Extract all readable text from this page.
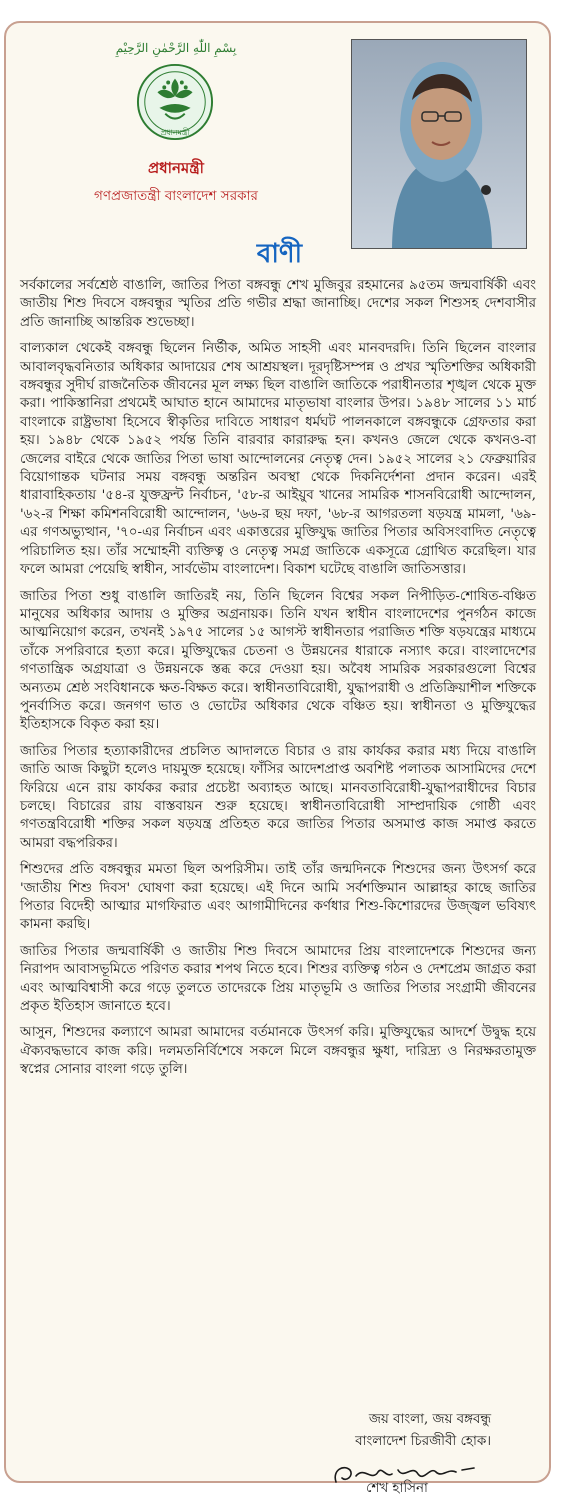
بِسْمِ اللّٰهِ الرَّحْمٰنِ الرَّحِيْمِ
প্রধানমন্ত্রী
প্রধানমন্ত্রী
গণপ্রজাতন্ত্রী বাংলাদেশ সরকার
বাণী

সর্বকালের সর্বশ্রেষ্ঠ বাঙালি, জাতির পিতা বঙ্গবন্ধু শেখ মুজিবুর রহমানের ৯৫তম জন্মবার্ষিকী এবং জাতীয় শিশু দিবসে বঙ্গবন্ধুর স্মৃতির প্রতি গভীর শ্রদ্ধা জানাচ্ছি। দেশের সকল শিশুসহ দেশবাসীর প্রতি জানাচ্ছি আন্তরিক শুভেচ্ছা।

বাল্যকাল থেকেই বঙ্গবন্ধু ছিলেন নির্ভীক, অমিত সাহসী এবং মানবদরদি। তিনি ছিলেন বাংলার আবালবৃদ্ধবনিতার অধিকার আদায়ের শেষ আশ্রয়স্থল। দূরদৃষ্টিসম্পন্ন ও প্রখর স্মৃতিশক্তির অধিকারী বঙ্গবন্ধুর সুদীর্ঘ রাজনৈতিক জীবনের মূল লক্ষ্য ছিল বাঙালি জাতিকে পরাধীনতার শৃঙ্খল থেকে মুক্ত করা। পাকিস্তানিরা প্রথমেই আঘাত হানে আমাদের মাতৃভাষা বাংলার উপর। ১৯৪৮ সালের ১১ মার্চ বাংলাকে রাষ্ট্রভাষা হিসেবে স্বীকৃতির দাবিতে সাধারণ ধর্মঘট পালনকালে বঙ্গবন্ধুকে গ্রেফতার করা হয়। ১৯৪৮ থেকে ১৯৫২ পর্যন্ত তিনি বারবার কারারুদ্ধ হন। কখনও জেলে থেকে কখনও-বা জেলের বাইরে থেকে জাতির পিতা ভাষা আন্দোলনের নেতৃত্ব দেন। ১৯৫২ সালের ২১ ফেব্রুয়ারির বিয়োগান্তক ঘটনার সময় বঙ্গবন্ধু অন্তরিন অবস্থা থেকে দিকনির্দেশনা প্রদান করেন। এরই ধারাবাহিকতায় '৫৪-র যুক্তফ্রন্ট নির্বাচন, '৫৮-র আইয়ুব খানের সামরিক শাসনবিরোধী আন্দোলন, '৬২-র শিক্ষা কমিশনবিরোধী আন্দোলন, '৬৬-র ছয় দফা, '৬৮-র আগরতলা ষড়যন্ত্র মামলা, '৬৯-এর গণঅভ্যুত্থান, '৭০-এর নির্বাচন এবং একাত্তরের মুক্তিযুদ্ধ জাতির পিতার অবিসংবাদিত নেতৃত্বে পরিচালিত হয়। তাঁর সম্মোহনী ব্যক্তিত্ব ও নেতৃত্ব সমগ্র জাতিকে একসূত্রে গ্রোথিত করেছিল। যার ফলে আমরা পেয়েছি স্বাধীন, সার্বভৌম বাংলাদেশ। বিকাশ ঘটেছে বাঙালি জাতিসত্তার।

জাতির পিতা শুধু বাঙালি জাতিরই নয়, তিনি ছিলেন বিশ্বের সকল নিপীড়িত-শোষিত-বঞ্চিত মানুষের অধিকার আদায় ও মুক্তির অগ্রনায়ক। তিনি যখন স্বাধীন বাংলাদেশের পুনর্গঠন কাজে আত্মনিয়োগ করেন, তখনই ১৯৭৫ সালের ১৫ আগস্ট স্বাধীনতার পরাজিত শক্তি ষড়যন্ত্রের মাধ্যমে তাঁকে সপরিবারে হত্যা করে। মুক্তিযুদ্ধের চেতনা ও উন্নয়নের ধারাকে নস্যাৎ করে। বাংলাদেশের গণতান্ত্রিক অগ্রযাত্রা ও উন্নয়নকে স্তব্ধ করে দেওয়া হয়। অবৈধ সামরিক সরকারগুলো বিশ্বের অন্যতম শ্রেষ্ঠ সংবিধানকে ক্ষত-বিক্ষত করে। স্বাধীনতাবিরোধী, যুদ্ধাপরাধী ও প্রতিক্রিয়াশীল শক্তিকে পুনর্বাসিত করে। জনগণ ভাত ও ভোটের অধিকার থেকে বঞ্চিত হয়। স্বাধীনতা ও মুক্তিযুদ্ধের ইতিহাসকে বিকৃত করা হয়।

জাতির পিতার হত্যাকারীদের প্রচলিত আদালতে বিচার ও রায় কার্যকর করার মধ্য দিয়ে বাঙালি জাতি আজ কিছুটা হলেও দায়মুক্ত হয়েছে। ফাঁসির আদেশপ্রাপ্ত অবশিষ্ট পলাতক আসামিদের দেশে ফিরিয়ে এনে রায় কার্যকর করার প্রচেষ্টা অব্যাহত আছে। মানবতাবিরোধী-যুদ্ধাপরাধীদের বিচার চলছে। বিচারের রায় বাস্তবায়ন শুরু হয়েছে। স্বাধীনতাবিরোধী সাম্প্রদায়িক গোষ্ঠী এবং গণতন্ত্রবিরোধী শক্তির সকল ষড়যন্ত্র প্রতিহত করে জাতির পিতার অসমাপ্ত কাজ সমাপ্ত করতে আমরা বদ্ধপরিকর।

শিশুদের প্রতি বঙ্গবন্ধুর মমতা ছিল অপরিসীম। তাই তাঁর জন্মদিনকে শিশুদের জন্য উৎসর্গ করে 'জাতীয় শিশু দিবস' ঘোষণা করা হয়েছে। এই দিনে আমি সর্বশক্তিমান আল্লাহর কাছে জাতির পিতার বিদেহী আত্মার মাগফিরাত এবং আগামীদিনের কর্ণধার শিশু-কিশোরদের উজ্জ্বল ভবিষ্যৎ কামনা করছি।

জাতির পিতার জন্মবার্ষিকী ও জাতীয় শিশু দিবসে আমাদের প্রিয় বাংলাদেশকে শিশুদের জন্য নিরাপদ আবাসভূমিতে পরিণত করার শপথ নিতে হবে। শিশুর ব্যক্তিত্ব গঠন ও দেশপ্রেম জাগ্রত করা এবং আত্মবিশ্বাসী করে গড়ে তুলতে তাদেরকে প্রিয় মাতৃভূমি ও জাতির পিতার সংগ্রামী জীবনের প্রকৃত ইতিহাস জানাতে হবে।

আসুন, শিশুদের কল্যাণে আমরা আমাদের বর্তমানকে উৎসর্গ করি। মুক্তিযুদ্ধের আদর্শে উদ্বুদ্ধ হয়ে ঐক্যবদ্ধভাবে কাজ করি। দলমতনির্বিশেষে সকলে মিলে বঙ্গবন্ধুর ক্ষুধা, দারিদ্র্য ও নিরক্ষরতামুক্ত স্বপ্নের সোনার বাংলা গড়ে তুলি।

জয় বাংলা, জয় বঙ্গবন্ধু
বাংলাদেশ চিরজীবী হোক।
শেখ হাসিনা
